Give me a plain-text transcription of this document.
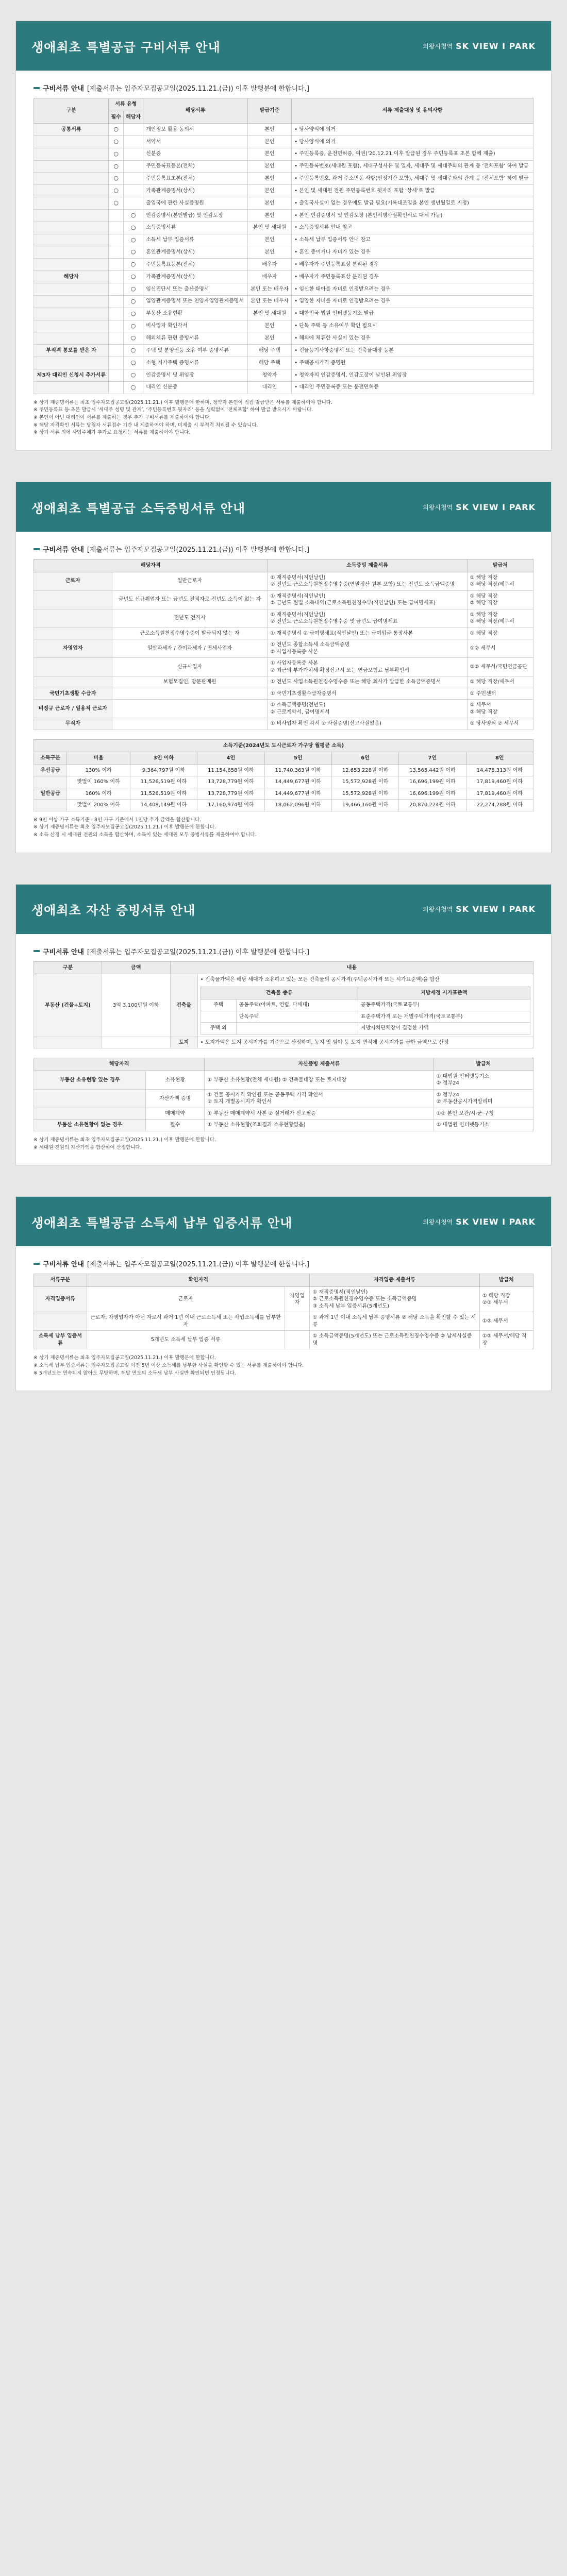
생애최초 특별공급 구비서류 안내	의왕시청역 SK VIEW Ⅰ PARK
구비서류 안내 [제출서류는 입주자모집공고일(2025.11.21.(금)) 이후 발행분에 한합니다.]
구분	서류 유형		해당서류	발급기준	서류 제출대상 및 유의사항
	필수	해당자			
공통서류	○		개인정보 활용 동의서	본인	• 당사양식에 의거
	○		서약서	본인	• 당사양식에 의거
	○		신분증	본인	• 주민등록증, 운전면허증, 여권(’20.12.21.이후 발급된 경우 주민등록표 초본 함께 제출)
	○		주민등록표등본(전체)	본인	• 주민등록번호(세대원 포함), 세대구성사유 및 일자, 세대주 및 세대주와의 관계 등 ‘전체포함’ 하여 발급
	○		주민등록표초본(전체)	본인	• 주민등록번호, 과거 주소변동 사항(인정기간 포함), 세대주 및 세대주와의 관계 등 ‘전체포함’ 하여 발급
	○		가족관계증명서(상세)	본인	• 본인 및 세대원 전원 주민등록번호 뒷자리 포함 ‘상세’로 발급
	○		출입국에 관한 사실증명원	본인	• 출입국사실이 없는 경우에도 발급 필요(기록대조일을 본인 생년월일로 지정)
		○	인감증명서(본인발급) 및 인감도장	본인	• 본인 인감증명서 및 인감도장 (본인서명사실확인서로 대체 가능)
		○	소득증빙서류	본인 및 세대원	• 소득증빙서류 안내 참고
		○	소득세 납부 입증서류	본인	• 소득세 납부 입증서류 안내 참고
		○	혼인관계증명서(상세)	본인	• 혼인 중이거나 자녀가 있는 경우
		○	주민등록표등본(전체)	배우자	• 배우자가 주민등록표상 분리된 경우
해당자		○	가족관계증명서(상세)	배우자	• 배우자가 주민등록표상 분리된 경우
		○	임신진단서 또는 출산증명서	본인 또는 배우자	• 임신한 태아를 자녀로 인정받으려는 경우
		○	입양관계증명서 또는 친양자입양관계증명서	본인 또는 배우자	• 입양한 자녀를 자녀로 인정받으려는 경우
		○	부동산 소유현황	본인 및 세대원	• 대한민국 법원 인터넷등기소 발급
		○	비사업자 확인각서	본인	• 단독 주택 등 소유여부 확인 필요시
		○	해외체류 관련 증빙서류	본인	• 해외에 체류한 사실이 있는 경우
부적격 통보를 받은 자		○	주택 및 분양권등 소유 여부 증명서류	해당 주택	• 건물등기사항증명서 또는 건축물대장 등본
		○	소형 저가주택 증명서류	해당 주택	• 주택공시가격 증명원
제3자 대리인 신청시 추가서류		○	인감증명서 및 위임장	청약자	• 청약자의 인감증명서, 인감도장이 날인된 위임장
		○	대리인 신분증	대리인	• 대리인 주민등록증 또는 운전면허증

※ 상기 제증명서류는 최초 입주자모집공고일(2025.11.21.) 이후 발행분에 한하며, 청약자 본인이 직접 발급받은 서류를 제출하여야 합니다.

※ 주민등록표 등·초본 발급시 ‘세대주 성명 및 관계’, ‘주민등록번호 뒷자리’ 등을 생략없이 ‘전체포함’ 하여 발급 받으시기 바랍니다.

※ 본인이 아닌 대리인이 서류를 제출하는 경우 추가 구비서류를 제출하여야 합니다.

※ 해당 자격확인 서류는 당첨자 서류접수 기간 내 제출하여야 하며, 미제출 시 부적격 처리될 수 있습니다.

※ 상기 서류 외에 사업주체가 추가로 요청하는 서류를 제출하여야 합니다.

생애최초 특별공급 소득증빙서류 안내	의왕시청역 SK VIEW Ⅰ PARK
구비서류 안내 [제출서류는 입주자모집공고일(2025.11.21.(금)) 이후 발행분에 한합니다.]
해당자격		소득증빙 제출서류	발급처
근로자	일반근로자	① 재직증명서(직인날인)
② 전년도 근로소득원천징수영수증(연말정산 원본 포함) 또는 전년도 소득금액증명	① 해당 직장
② 해당 직장/세무서
	금년도 신규취업자 또는 금년도 전직자로 전년도 소득이 없는 자	① 재직증명서(직인날인)
② 금년도 월별 소득내역(근로소득원천징수부(직인날인) 또는 급여명세표)	① 해당 직장
② 해당 직장
	전년도 전직자	① 재직증명서(직인날인)
② 전년도 근로소득원천징수영수증 및 금년도 급여명세표	① 해당 직장
② 해당 직장/세무서
	근로소득원천징수영수증이 발급되지 않는 자	① 재직증명서 ② 급여명세표(직인날인) 또는 급여입금 통장사본	① 해당 직장
자영업자	일반과세자 / 간이과세자 / 면세사업자	① 전년도 종합소득세 소득금액증명
② 사업자등록증 사본	①② 세무서
	신규사업자	① 사업자등록증 사본
② 최근의 부가가치세 확정신고서 또는 연금보험료 납부확인서	①② 세무서/국민연금공단
	보험모집인, 방문판매원	① 전년도 사업소득원천징수영수증 또는 해당 회사가 발급한 소득금액증명서	① 해당 직장/세무서
국민기초생활 수급자		① 국민기초생활수급자증명서	① 주민센터
비정규 근로자 / 일용직 근로자		① 소득금액증명(전년도)
② 근로계약서, 급여명세서	① 세무서
② 해당 직장
무직자		① 비사업자 확인 각서 ② 사실증명(신고사실없음)	① 당사양식 ② 세무서
소득기준(2024년도 도시근로자 가구당 월평균 소득)							
소득구분	비율	3인 이하	4인	5인	6인	7인	8인
우선공급	130% 이하	9,364,797원 이하	11,154,658원 이하	11,740,363원 이하	12,653,228원 이하	13,565,442원 이하	14,478,313원 이하
	맞벌이 160% 이하	11,526,519원 이하	13,728,779원 이하	14,449,677원 이하	15,572,928원 이하	16,696,199원 이하	17,819,460원 이하
일반공급	160% 이하	11,526,519원 이하	13,728,779원 이하	14,449,677원 이하	15,572,928원 이하	16,696,199원 이하	17,819,460원 이하
	맞벌이 200% 이하	14,408,149원 이하	17,160,974원 이하	18,062,096원 이하	19,466,160원 이하	20,870,224원 이하	22,274,288원 이하

※ 9인 이상 가구 소득기준 : 8인 가구 기준에서 1인당 추가 금액을 합산합니다.

※ 상기 제증명서류는 최초 입주자모집공고일(2025.11.21.) 이후 발행분에 한합니다.

※ 소득 산정 시 세대원 전원의 소득을 합산하며, 소득이 있는 세대원 모두 증빙서류를 제출하여야 합니다.

생애최초 자산 증빙서류 안내	의왕시청역 SK VIEW Ⅰ PARK
구비서류 안내 [제출서류는 입주자모집공고일(2025.11.21.(금)) 이후 발행분에 한합니다.]
구분	금액	내용
부동산 (건물+토지)	3억 3,100만원 이하	건축물	• 건축물가액은 해당 세대가 소유하고 있는 모든 건축물의 공시가격(주택공시가격 또는 시가표준액)을 합산
건축물 종류	지방세정 시가표준액
주택	공동주택(아파트, 연립, 다세대)	공동주택가격(국토교통부)
	단독주택	표준주택가격 또는 개별주택가격(국토교통부)
주택 외		지방자치단체장이 결정한 가액

		토지	• 토지가액은 토지 공시지가를 기준으로 산정하며, 농지 및 임야 등 토지 면적에 공시지가를 곱한 금액으로 산정
해당자격		자산증빙 제출서류	발급처
부동산 소유현황 있는 경우	소유현황	① 부동산 소유현황(전체 세대원) ② 건축물대장 또는 토지대장	① 대법원 인터넷등기소
② 정부24
	자산가액 증명	① 건물 공시가격 확인원 또는 공동주택 가격 확인서
② 토지 개별공시지가 확인서	① 정부24
② 부동산공시가격알리미
	매매계약	① 부동산 매매계약서 사본 ② 실거래가 신고필증	①② 본인 보관/시·군·구청
부동산 소유현황이 없는 경우	필수	① 부동산 소유현황(조회결과 소유현황없음)	① 대법원 인터넷등기소

※ 상기 제증명서류는 최초 입주자모집공고일(2025.11.21.) 이후 발행분에 한합니다.

※ 세대원 전원의 자산가액을 합산하여 산정합니다.

생애최초 특별공급 소득세 납부 입증서류 안내	의왕시청역 SK VIEW Ⅰ PARK
구비서류 안내 [제출서류는 입주자모집공고일(2025.11.21.(금)) 이후 발행분에 한합니다.]
서류구분	확인자격		자격입증 제출서류	발급처
자격입증서류	근로자	자영업자	① 재직증명서(직인날인)
② 근로소득원천징수영수증 또는 소득금액증명
③ 소득세 납부 입증서류(5개년도)	① 해당 직장
②③ 세무서
	근로자, 자영업자가 아닌 자로서 과거 1년 이내 근로소득세 또는 사업소득세를 납부한 자		① 과거 1년 이내 소득세 납부 증명서류 ② 해당 소득을 확인할 수 있는 서류	①② 세무서
소득세 납부 입증서류	5개년도 소득세 납부 입증 서류		① 소득금액증명(5개년도) 또는 근로소득원천징수영수증 ② 납세사실증명	①② 세무서/해당 직장

※ 상기 제증명서류는 최초 입주자모집공고일(2025.11.21.) 이후 발행분에 한합니다.

※ 소득세 납부 입증서류는 입주자모집공고일 이전 5년 이상 소득세를 납부한 사실을 확인할 수 있는 서류를 제출하여야 합니다.

※ 5개년도는 연속되지 않아도 무방하며, 해당 연도의 소득세 납부 사실만 확인되면 인정됩니다.
